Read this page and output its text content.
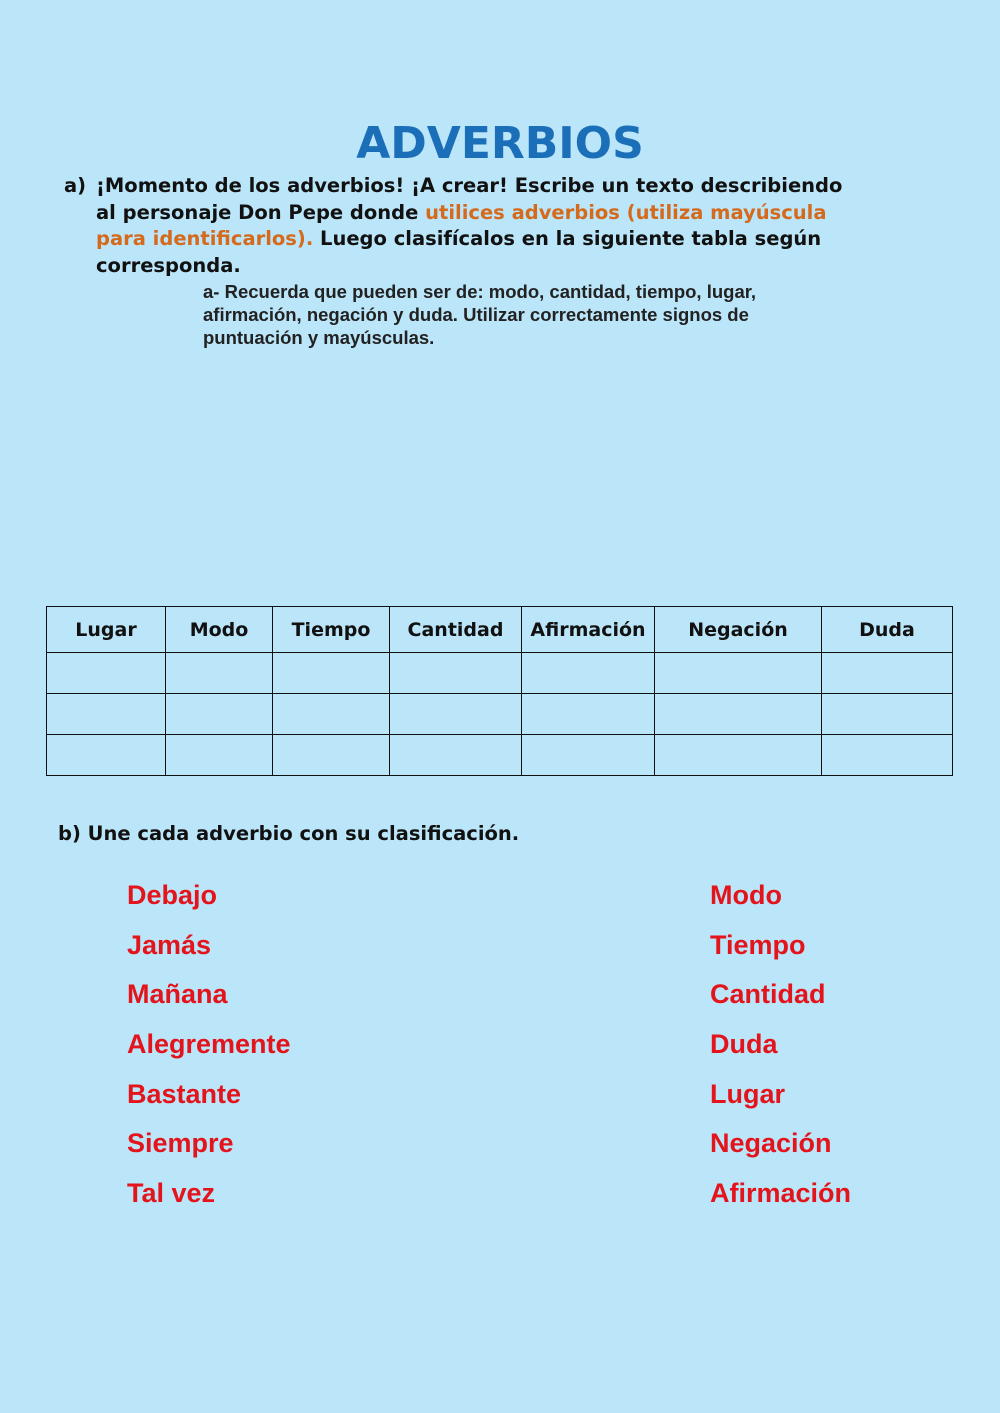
ADVERBIOS
a) ¡Momento de los adverbios! ¡A crear! Escribe un texto describiendo al personaje Don Pepe donde utilices adverbios (utiliza mayúscula para identificarlos). Luego clasifícalos en la siguiente tabla según corresponda.
a- Recuerda que pueden ser de: modo, cantidad, tiempo, lugar, afirmación, negación y duda. Utilizar correctamente signos de puntuación y mayúsculas.
Lugar	Modo	Tiempo	Cantidad	Afirmación	Negación	Duda

b) Une cada adverbio con su clasificación.
Debajo
Jamás
Mañana
Alegremente
Bastante
Siempre
Tal vez
Modo
Tiempo
Cantidad
Duda
Lugar
Negación
Afirmación
